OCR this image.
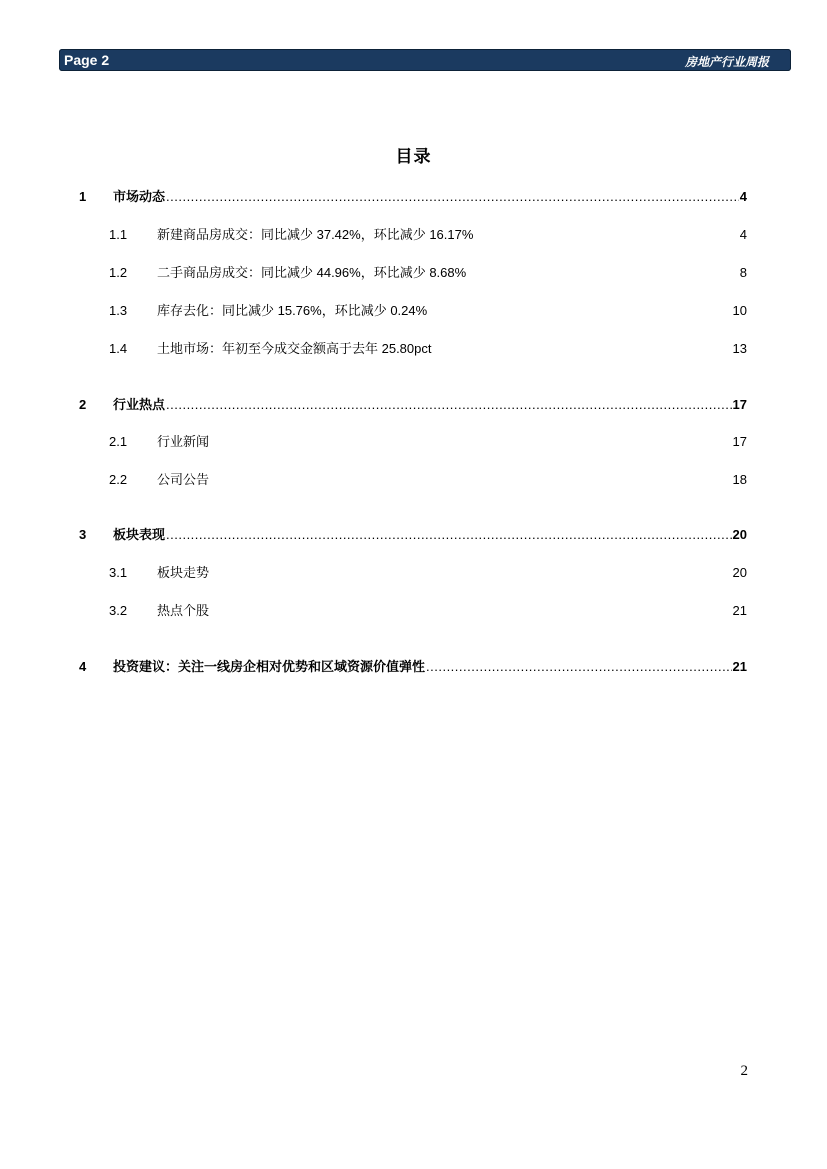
Page 2	房地产行业周报
目录
1 市场动态 .....	4
1.1 新建商品房成交：同比减少 37.42%，环比减少 16.17%	4
1.2 二手商品房成交：同比减少 44.96%，环比减少 8.68%	8
1.3 库存去化：同比减少 15.76%，环比减少 0.24%	10
1.4 土地市场：年初至今成交金额高于去年 25.80pct	13
2 行业热点 .....	17
2.1 行业新闻	17
2.2 公司公告	18
3 板块表现 .....	20
3.1 板块走势	20
3.2 热点个股	21
4 投资建议：关注一线房企相对优势和区域资源价值弹性 .....	21
2
